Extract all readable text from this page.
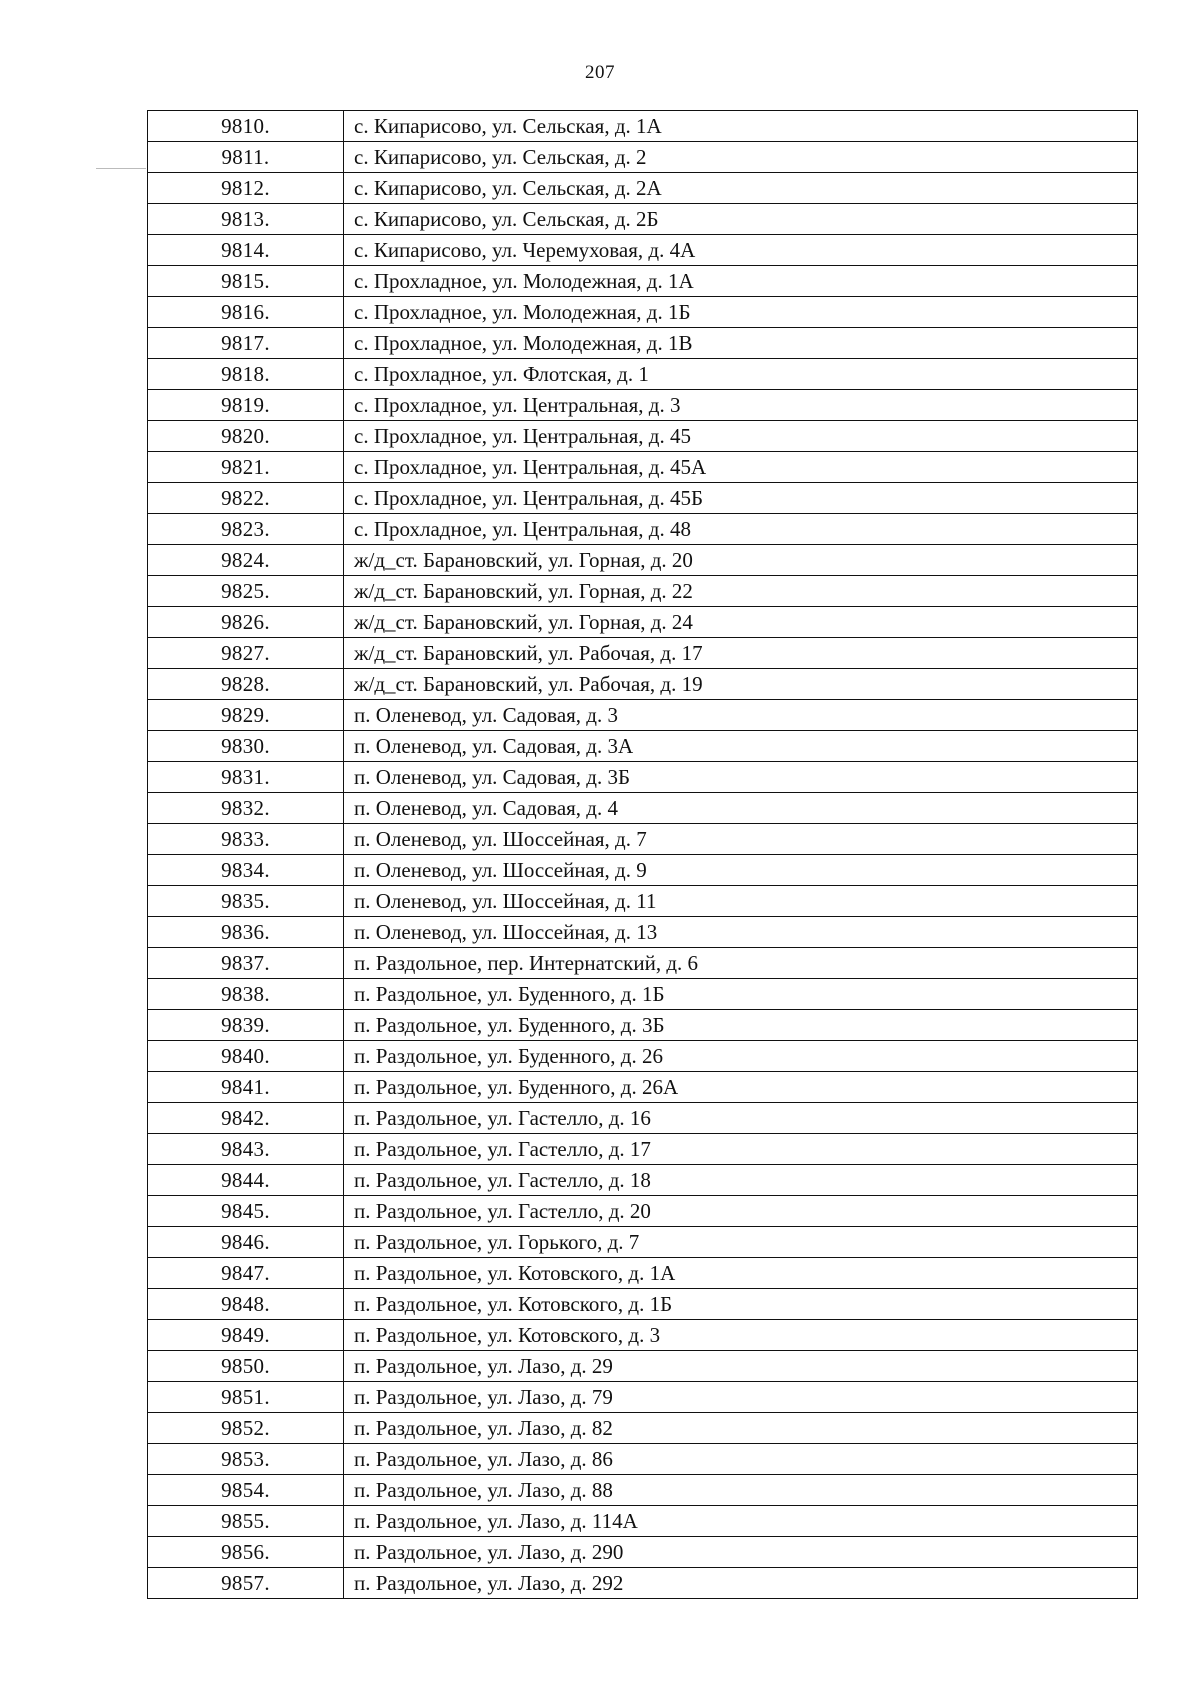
207
9810.	с. Кипарисово, ул. Сельская, д. 1А
9811.	с. Кипарисово, ул. Сельская, д. 2
9812.	с. Кипарисово, ул. Сельская, д. 2А
9813.	с. Кипарисово, ул. Сельская, д. 2Б
9814.	с. Кипарисово, ул. Черемуховая, д. 4А
9815.	с. Прохладное, ул. Молодежная, д. 1А
9816.	с. Прохладное, ул. Молодежная, д. 1Б
9817.	с. Прохладное, ул. Молодежная, д. 1В
9818.	с. Прохладное, ул. Флотская, д. 1
9819.	с. Прохладное, ул. Центральная, д. 3
9820.	с. Прохладное, ул. Центральная, д. 45
9821.	с. Прохладное, ул. Центральная, д. 45А
9822.	с. Прохладное, ул. Центральная, д. 45Б
9823.	с. Прохладное, ул. Центральная, д. 48
9824.	ж/д_ст. Барановский, ул. Горная, д. 20
9825.	ж/д_ст. Барановский, ул. Горная, д. 22
9826.	ж/д_ст. Барановский, ул. Горная, д. 24
9827.	ж/д_ст. Барановский, ул. Рабочая, д. 17
9828.	ж/д_ст. Барановский, ул. Рабочая, д. 19
9829.	п. Оленевод, ул. Садовая, д. 3
9830.	п. Оленевод, ул. Садовая, д. 3А
9831.	п. Оленевод, ул. Садовая, д. 3Б
9832.	п. Оленевод, ул. Садовая, д. 4
9833.	п. Оленевод, ул. Шоссейная, д. 7
9834.	п. Оленевод, ул. Шоссейная, д. 9
9835.	п. Оленевод, ул. Шоссейная, д. 11
9836.	п. Оленевод, ул. Шоссейная, д. 13
9837.	п. Раздольное, пер. Интернатский, д. 6
9838.	п. Раздольное, ул. Буденного, д. 1Б
9839.	п. Раздольное, ул. Буденного, д. 3Б
9840.	п. Раздольное, ул. Буденного, д. 26
9841.	п. Раздольное, ул. Буденного, д. 26А
9842.	п. Раздольное, ул. Гастелло, д. 16
9843.	п. Раздольное, ул. Гастелло, д. 17
9844.	п. Раздольное, ул. Гастелло, д. 18
9845.	п. Раздольное, ул. Гастелло, д. 20
9846.	п. Раздольное, ул. Горького, д. 7
9847.	п. Раздольное, ул. Котовского, д. 1А
9848.	п. Раздольное, ул. Котовского, д. 1Б
9849.	п. Раздольное, ул. Котовского, д. 3
9850.	п. Раздольное, ул. Лазо, д. 29
9851.	п. Раздольное, ул. Лазо, д. 79
9852.	п. Раздольное, ул. Лазо, д. 82
9853.	п. Раздольное, ул. Лазо, д. 86
9854.	п. Раздольное, ул. Лазо, д. 88
9855.	п. Раздольное, ул. Лазо, д. 114А
9856.	п. Раздольное, ул. Лазо, д. 290
9857.	п. Раздольное, ул. Лазо, д. 292
